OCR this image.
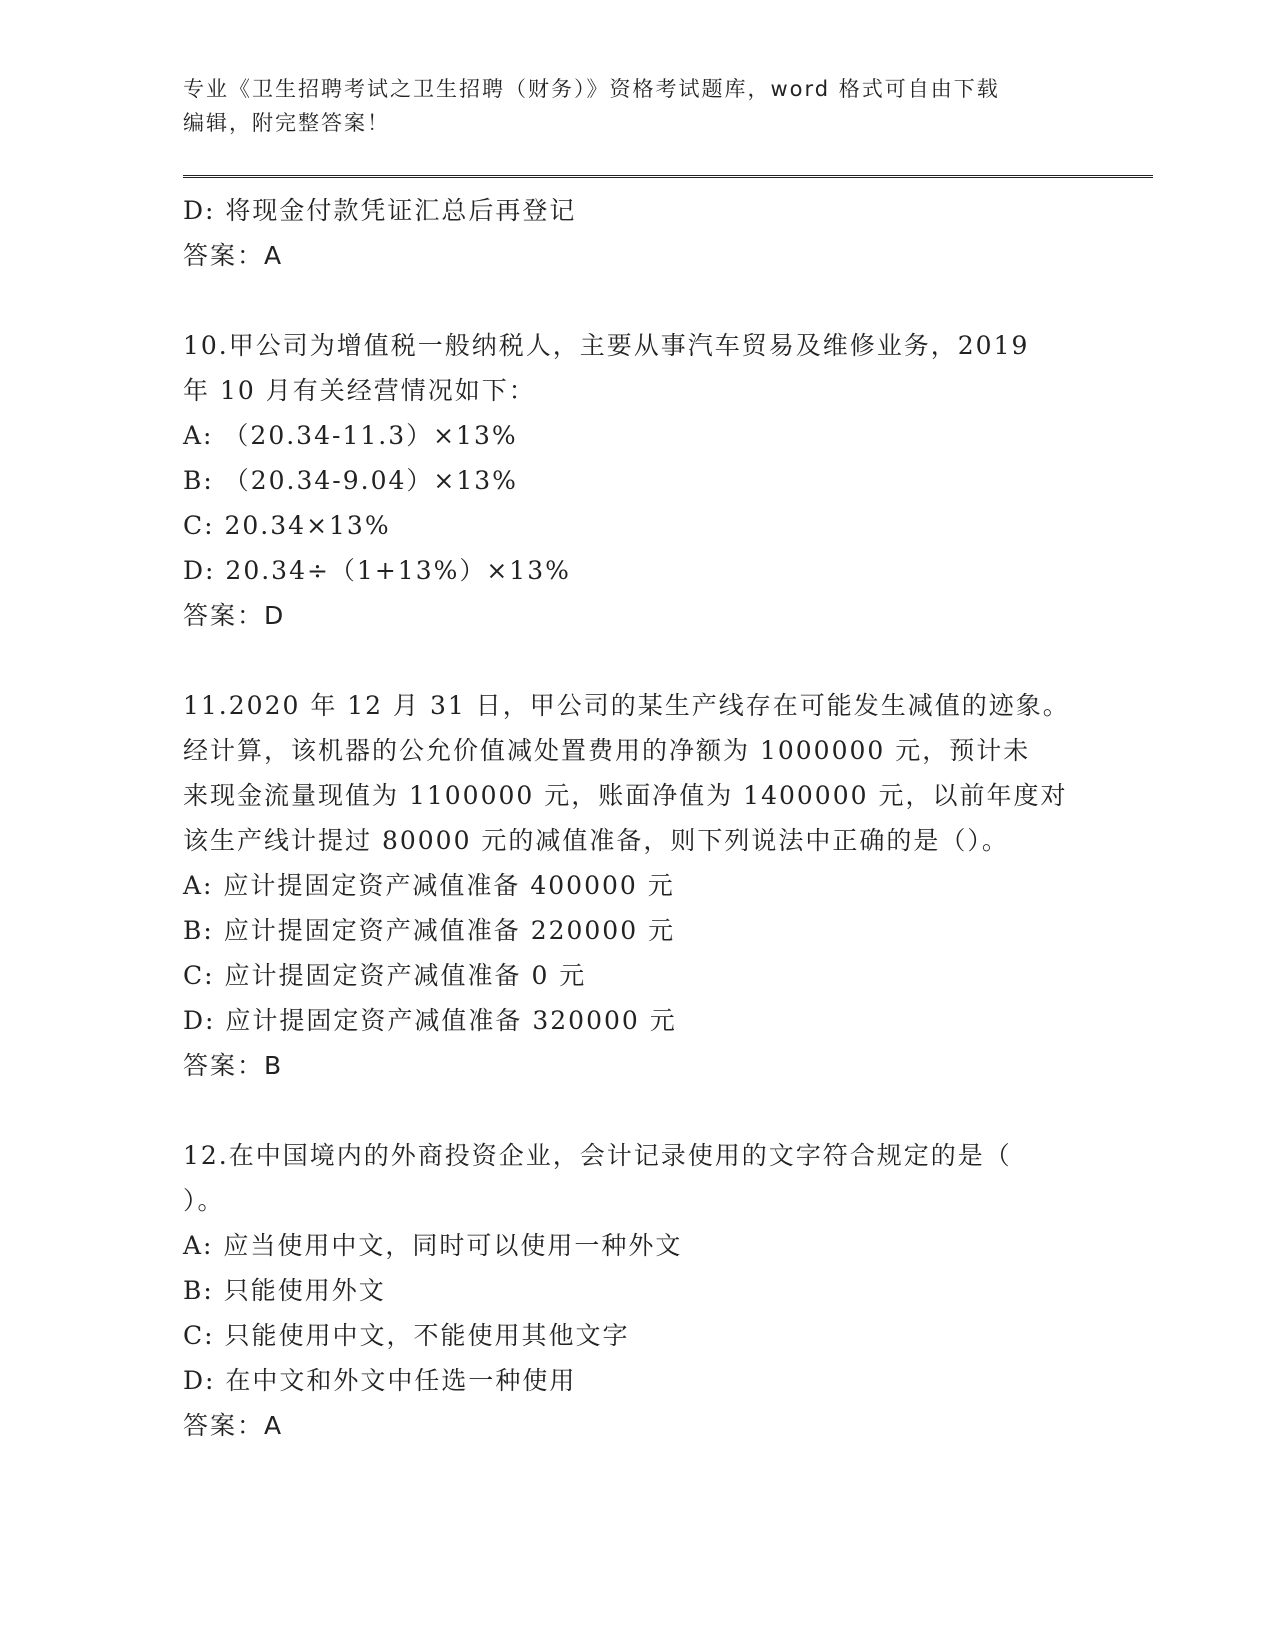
专业《卫生招聘考试之卫生招聘（财务）》资格考试题库，word 格式可自由下载
编辑，附完整答案！
D: 将现金付款凭证汇总后再登记
答案：A
10.甲公司为增值税一般纳税人，主要从事汽车贸易及维修业务，2019
年 10 月有关经营情况如下：
A: （20.34-11.3）×13%
B: （20.34-9.04）×13%
C: 20.34×13%
D: 20.34÷（1+13%）×13%
答案：D
11.2020 年 12 月 31 日，甲公司的某生产线存在可能发生减值的迹象。
经计算，该机器的公允价值减处置费用的净额为 1000000 元，预计未
来现金流量现值为 1100000 元，账面净值为 1400000 元，以前年度对
该生产线计提过 80000 元的减值准备，则下列说法中正确的是（）。
A: 应计提固定资产减值准备 400000 元
B: 应计提固定资产减值准备 220000 元
C: 应计提固定资产减值准备 0 元
D: 应计提固定资产减值准备 320000 元
答案：B
12.在中国境内的外商投资企业，会计记录使用的文字符合规定的是（
）。
A: 应当使用中文，同时可以使用一种外文
B: 只能使用外文
C: 只能使用中文，不能使用其他文字
D: 在中文和外文中任选一种使用
答案：A
